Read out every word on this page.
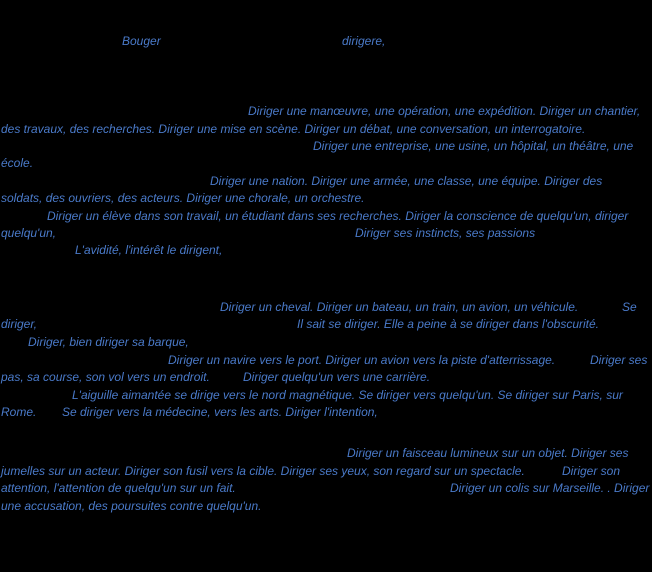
Bouger	dirigere,
Diriger une manœuvre, une opération, une expédition. Diriger un chantier,
des travaux, des recherches. Diriger une mise en scène. Diriger un débat, une conversation, un interrogatoire.
Diriger une entreprise, une usine, un hôpital, un théâtre, une
école.
Diriger une nation. Diriger une armée, une classe, une équipe. Diriger des
soldats, des ouvriers, des acteurs. Diriger une chorale, un orchestre.
Diriger un élève dans son travail, un étudiant dans ses recherches. Diriger la conscience de quelqu'un, diriger
quelqu'un,	Diriger ses instincts, ses passions
L'avidité, l'intérêt le dirigent,
Diriger un cheval. Diriger un bateau, un train, un avion, un véhicule.	Se
diriger,	Il sait se diriger. Elle a peine à se diriger dans l'obscurité.
Diriger, bien diriger sa barque,
Diriger un navire vers le port. Diriger un avion vers la piste d'atterrissage.	Diriger ses
pas, sa course, son vol vers un endroit.	Diriger quelqu'un vers une carrière.
L'aiguille aimantée se dirige vers le nord magnétique. Se diriger vers quelqu'un. Se diriger sur Paris, sur
Rome. Se diriger vers la médecine, vers les arts. Diriger l'intention,
Diriger un faisceau lumineux sur un objet. Diriger ses
jumelles sur un acteur. Diriger son fusil vers la cible. Diriger ses yeux, son regard sur un spectacle.	Diriger son
attention, l'attention de quelqu'un sur un fait.	Diriger un colis sur Marseille. . Diriger
une accusation, des poursuites contre quelqu'un.
